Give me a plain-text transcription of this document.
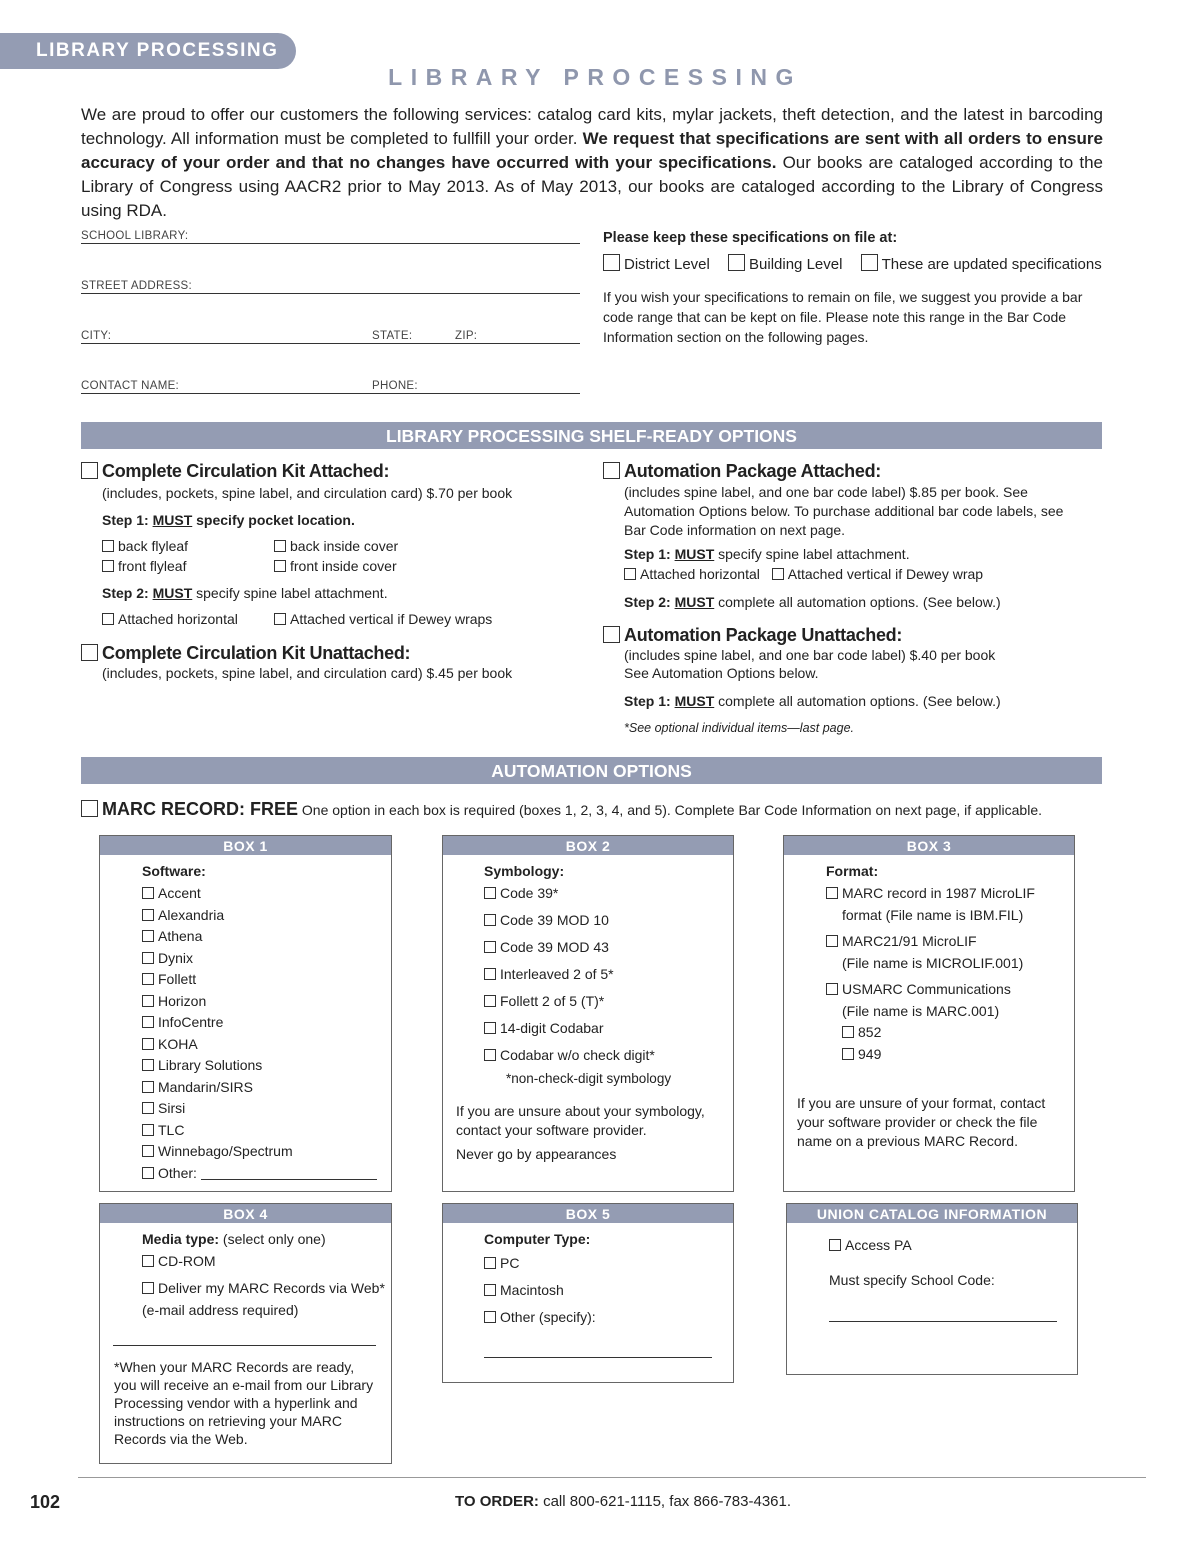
LIBRARY PROCESSING
LIBRARY PROCESSING
We are proud to offer our customers the following services: catalog card kits, mylar jackets, theft detection, and the latest in barcoding technology. All information must be completed to fullfill your order. We request that specifications are sent with all orders to ensure accuracy of your order and that no changes have occurred with your specifications. Our books are cataloged according to the Library of Congress using AACR2 prior to May 2013. As of May 2013, our books are cataloged according to the Library of Congress using RDA.
SCHOOL LIBRARY:
STREET ADDRESS:
CITY:	STATE:	ZIP:
CONTACT NAME:	PHONE:
Please keep these specifications on file at:
District Level	Building Level	These are updated specifications
If you wish your specifications to remain on file, we suggest you provide a bar code range that can be kept on file. Please note this range in the Bar Code Information section on the following pages.
LIBRARY PROCESSING SHELF-READY OPTIONS
Complete Circulation Kit Attached:
(includes, pockets, spine label, and circulation card) $.70 per book
Step 1: MUST specify pocket location.
back flyleaf	back inside cover
front flyleaf	front inside cover
Step 2: MUST specify spine label attachment.
Attached horizontal	Attached vertical if Dewey wraps
Complete Circulation Kit Unattached:
(includes, pockets, spine label, and circulation card) $.45 per book
Automation Package Attached:
(includes spine label, and one bar code label) $.85 per book. See Automation Options below. To purchase additional bar code labels, see Bar Code information on next page.
Step 1: MUST specify spine label attachment.
Attached horizontal Attached vertical if Dewey wrap
Step 2: MUST complete all automation options. (See below.)
Automation Package Unattached:
(includes spine label, and one bar code label) $.40 per book
See Automation Options below.
Step 1: MUST complete all automation options. (See below.)
*See optional individual items—last page.
AUTOMATION OPTIONS
MARC RECORD: FREE One option in each box is required (boxes 1, 2, 3, 4, and 5). Complete Bar Code Information on next page, if applicable.
BOX 1
Software:
Accent
Alexandria
Athena
Dynix
Follett
Horizon
InfoCentre
KOHA
Library Solutions
Mandarin/SIRS
Sirsi
TLC
Winnebago/Spectrum
Other:
BOX 2
Symbology:
Code 39*
Code 39 MOD 10
Code 39 MOD 43
Interleaved 2 of 5*
Follett 2 of 5 (T)*
14-digit Codabar
Codabar w/o check digit*
*non-check-digit symbology
If you are unsure about your symbology, contact your software provider.
Never go by appearances
BOX 3
Format:
MARC record in 1987 MicroLIF
format (File name is IBM.FIL)
MARC21/91 MicroLIF
(File name is MICROLIF.001)
USMARC Communications
(File name is MARC.001)
852
949
If you are unsure of your format, contact your software provider or check the file name on a previous MARC Record.
BOX 4
Media type: (select only one)
CD-ROM
Deliver my MARC Records via Web*
(e-mail address required)
*When your MARC Records are ready, you will receive an e-mail from our Library Processing vendor with a hyperlink and instructions on retrieving your MARC Records via the Web.
BOX 5
Computer Type:
PC
Macintosh
Other (specify):
UNION CATALOG INFORMATION
Access PA
Must specify School Code:
102	TO ORDER: call 800-621-1115, fax 866-783-4361.
